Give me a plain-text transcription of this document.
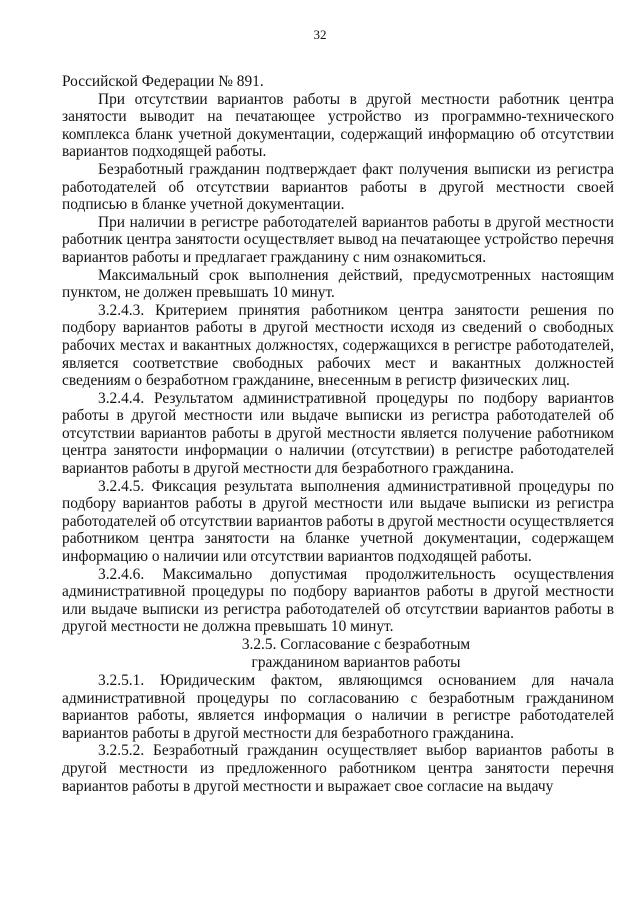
32

Российской Федерации № 891.

При отсутствии вариантов работы в другой местности работник центра занятости выводит на печатающее устройство из программно-технического комплекса бланк учетной документации, содержащий информацию об отсутствии вариантов подходящей работы.

Безработный гражданин подтверждает факт получения выписки из регистра работодателей об отсутствии вариантов работы в другой местности своей подписью в бланке учетной документации.

При наличии в регистре работодателей вариантов работы в другой местности работник центра занятости осуществляет вывод на печатающее устройство перечня вариантов работы и предлагает гражданину с ним ознакомиться.

Максимальный срок выполнения действий, предусмотренных настоящим пунктом, не должен превышать 10 минут.

3.2.4.3. Критерием принятия работником центра занятости решения по подбору вариантов работы в другой местности исходя из сведений о свободных рабочих местах и вакантных должностях, содержащихся в регистре работодателей, является соответствие свободных рабочих мест и вакантных должностей сведениям о безработном гражданине, внесенным в регистр физических лиц.

3.2.4.4. Результатом административной процедуры по подбору вариантов работы в другой местности или выдаче выписки из регистра работодателей об отсутствии вариантов работы в другой местности является получение работником центра занятости информации о наличии (отсутствии) в регистре работодателей вариантов работы в другой местности для безработного гражданина.

3.2.4.5. Фиксация результата выполнения административной процедуры по подбору вариантов работы в другой местности или выдаче выписки из регистра работодателей об отсутствии вариантов работы в другой местности осуществляется работником центра занятости на бланке учетной документации, содержащем информацию о наличии или отсутствии вариантов подходящей работы.

3.2.4.6. Максимально допустимая продолжительность осуществления административной процедуры по подбору вариантов работы в другой местности или выдаче выписки из регистра работодателей об отсутствии вариантов работы в другой местности не должна превышать 10 минут.

3.2.5. Согласование с безработным
гражданином вариантов работы

3.2.5.1. Юридическим фактом, являющимся основанием для начала административной процедуры по согласованию с безработным гражданином вариантов работы, является информация о наличии в регистре работодателей вариантов работы в другой местности для безработного гражданина.

3.2.5.2. Безработный гражданин осуществляет выбор вариантов работы в другой местности из предложенного работником центра занятости перечня вариантов работы в другой местности и выражает свое согласие на выдачу
